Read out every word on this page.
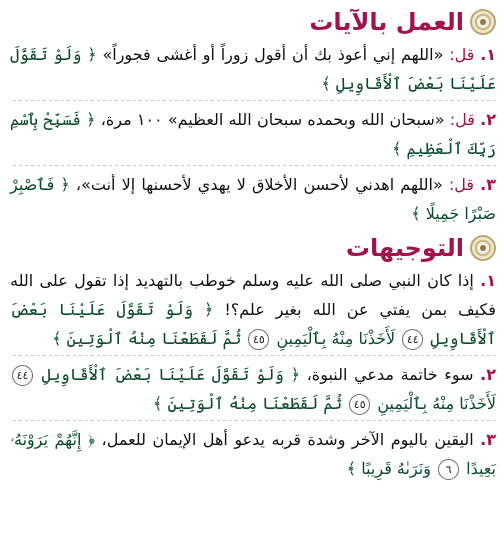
العمل بالآيات

١. قل: «اللهم إني أعوذ بك أن أقول زوراً أو أغشى فجوراً» ﴿ وَلَوْ تَقَوَّلَ عَلَيْنَا بَعْضَ ٱلْأَقَاوِيلِ ﴾

٢. قل: «سبحان الله وبحمده سبحان الله العظيم» ١٠٠ مرة، ﴿ فَسَبِّحْ بِٱسْمِ رَبِّكَ ٱلْعَظِيمِ ﴾

٣. قل: «اللهم اهدني لأحسن الأخلاق لا يهدي لأحسنها إلا أنت»، ﴿ فَٱصْبِرْ صَبْرًا جَمِيلًا ﴾

التوجيهات

١. إذا كان النبي صلى الله عليه وسلم خوطب بالتهديد إذا تقول على الله فكيف بمن يفتي عن الله بغير علم؟! ﴿ وَلَوْ تَقَوَّلَ عَلَيْنَا بَعْضَ ٱلْأَقَاوِيلِ ٤٤ لَأَخَذْنَا مِنْهُ بِٱلْيَمِينِ ٤٥ ثُمَّ لَقَطَعْنَا مِنْهُ ٱلْوَتِينَ ﴾

٢. سوء خاتمة مدعي النبوة، ﴿ وَلَوْ تَقَوَّلَ عَلَيْنَا بَعْضَ ٱلْأَقَاوِيلِ ٤٤ لَأَخَذْنَا مِنْهُ بِٱلْيَمِينِ ٤٥ ثُمَّ لَقَطَعْنَا مِنْهُ ٱلْوَتِينَ ﴾

٣. اليقين باليوم الآخر وشدة قربه يدعو أهل الإيمان للعمل، ﴿ إِنَّهُمْ يَرَوْنَهُۥ بَعِيدًا ٦ وَنَرَىٰهُ قَرِيبًا ﴾
